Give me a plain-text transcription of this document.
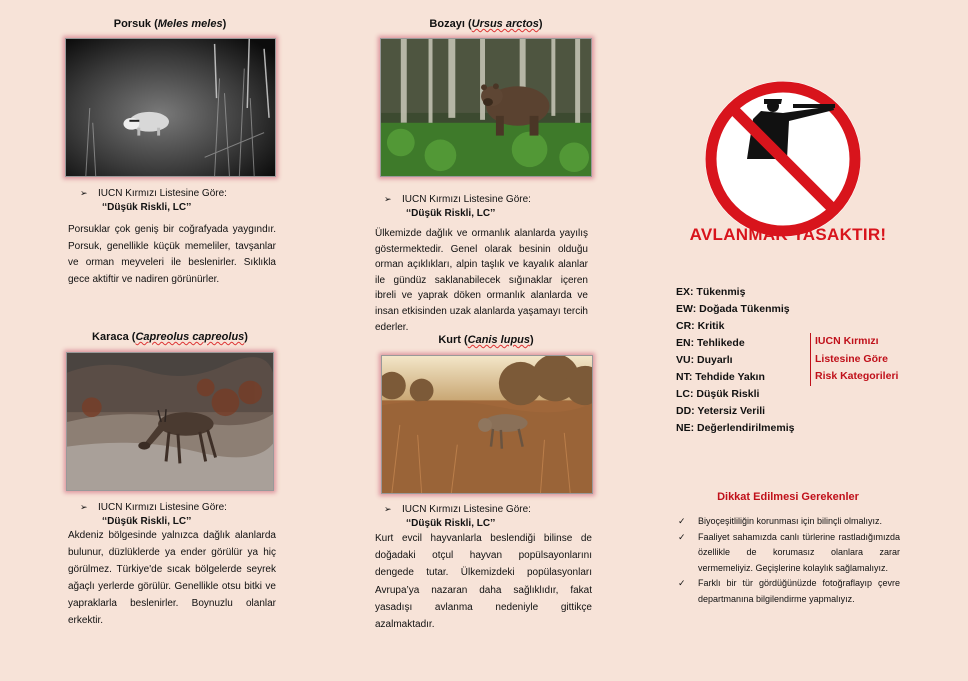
Porsuk (Meles meles)
➢ IUCN Kırmızı Listesine Göre:
‘‘Düşük Riskli, LC’’
Porsuklar çok geniş bir coğrafyada yaygındır. Porsuk, genellikle küçük memeliler, tavşanlar ve orman meyveleri ile beslenirler. Sıklıkla gece aktiftir ve nadiren görünürler.
Karaca (Capreolus capreolus)
➢ IUCN Kırmızı Listesine Göre:
‘‘Düşük Riskli, LC’’
Akdeniz bölgesinde yalnızca dağlık alanlarda bulunur, düzlüklerde ya ender görülür ya hiç görülmez. Türkiye'de sıcak bölgelerde seyrek ağaçlı yerlerde görülür. Genellikle otsu bitki ve yapraklarla beslenirler. Boynuzlu olanlar erkektir.
Bozayı (Ursus arctos)
➢ IUCN Kırmızı Listesine Göre:
‘‘Düşük Riskli, LC’’
Ülkemizde dağlık ve ormanlık alanlarda yayılış göstermektedir. Genel olarak besinin olduğu orman açıklıkları, alpin taşlık ve kayalık alanlar ile gündüz saklanabilecek sığınaklar içeren ibreli ve yaprak döken ormanlık alanlarda ve insan etkisinden uzak alanlarda yaşamayı tercih ederler.
Kurt (Canis lupus)
➢ IUCN Kırmızı Listesine Göre:
‘‘Düşük Riskli, LC’’
Kurt evcil hayvanlarla beslendiği bilinse de doğadaki otçul hayvan popülsayonlarını dengede tutar. Ülkemizdeki popülasyonları Avrupa’ya nazaran daha sağlıklıdır, fakat yasadışı avlanma nedeniyle gittikçe azalmaktadır.
AVLANMAK YASAKTIR!
EX: Tükenmiş
EW: Doğada Tükenmiş
CR: Kritik
EN: Tehlikede
VU: Duyarlı
NT: Tehdide Yakın
LC: Düşük Riskli
DD: Yetersiz Verili
NE: Değerlendirilmemiş
IUCN Kırmızı
Listesine Göre
Risk Kategorileri
Dikkat Edilmesi Gerekenler
✓ Biyoçeşitliliğin korunması için bilinçli olmalıyız.
✓ Faaliyet sahamızda canlı türlerine rastladığımızda özellikle de korumasız olanlara zarar vermemeliyiz. Geçişlerine kolaylık sağlamalıyız.
✓ Farklı bir tür gördüğünüzde fotoğraflayıp çevre departmanına bilgilendirme yapmalıyız.
